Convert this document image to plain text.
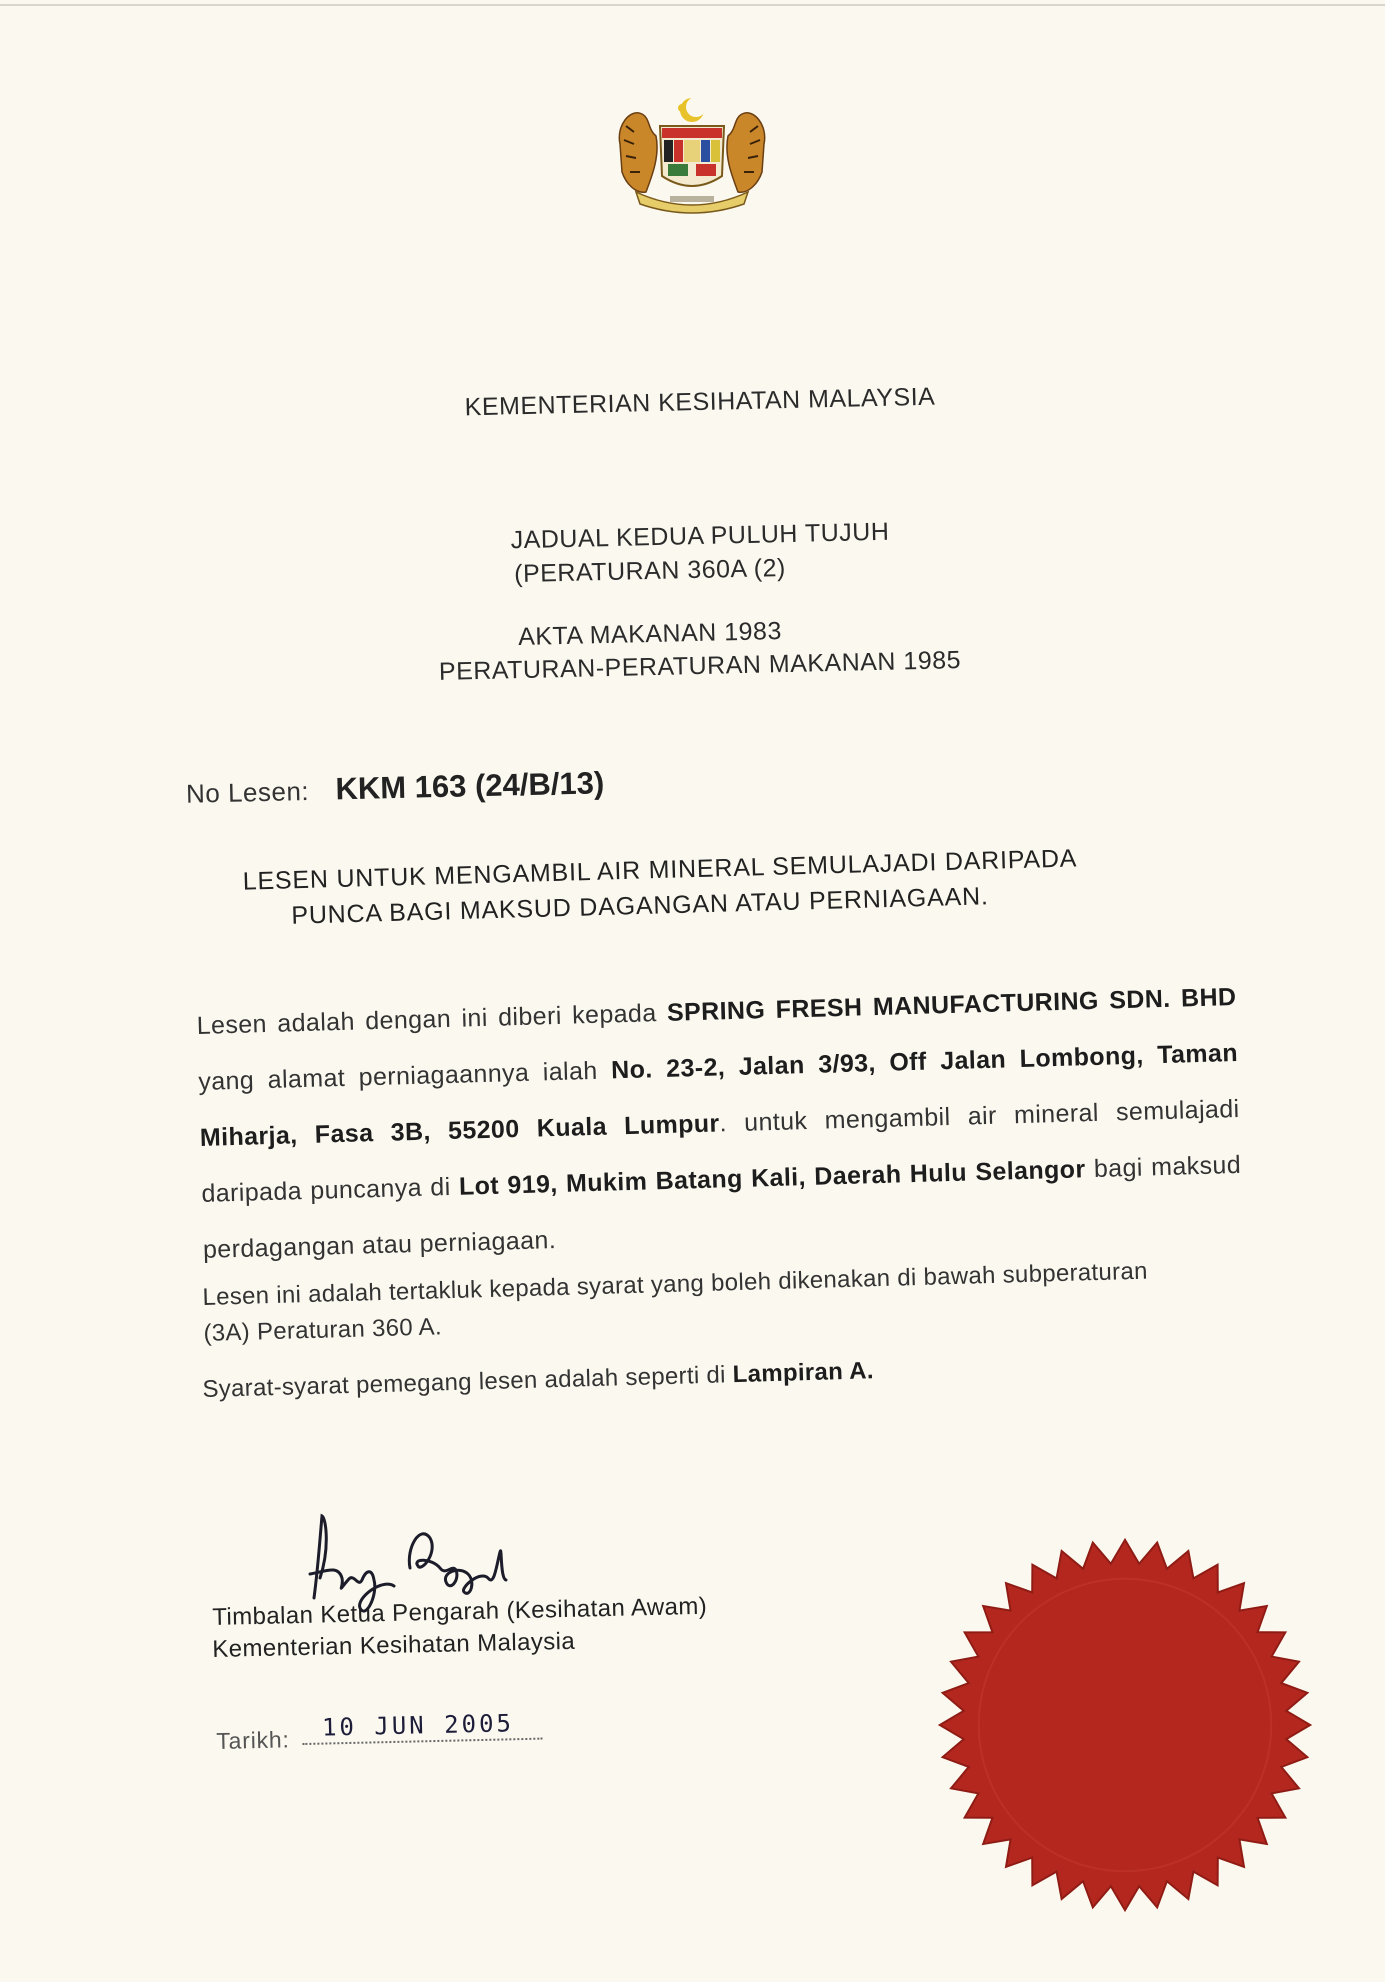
KEMENTERIAN KESIHATAN MALAYSIA
JADUAL KEDUA PULUH TUJUH
(PERATURAN 360A (2)
AKTA MAKANAN 1983
PERATURAN-PERATURAN MAKANAN 1985
No Lesen: KKM 163 (24/B/13)
LESEN UNTUK MENGAMBIL AIR MINERAL SEMULAJADI DARIPADA
PUNCA BAGI MAKSUD DAGANGAN ATAU PERNIAGAAN.
Lesen adalah dengan ini diberi kepada SPRING FRESH MANUFACTURING SDN. BHD yang alamat perniagaannya ialah No. 23-2, Jalan 3/93, Off Jalan Lombong, Taman Miharja, Fasa 3B, 55200 Kuala Lumpur. untuk mengambil air mineral semulajadi daripada puncanya di Lot 919, Mukim Batang Kali, Daerah Hulu Selangor bagi maksud perdagangan atau perniagaan.
Lesen ini adalah tertakluk kepada syarat yang boleh dikenakan di bawah subperaturan (3A) Peraturan 360 A.
Syarat-syarat pemegang lesen adalah seperti di Lampiran A.
Timbalan Ketua Pengarah (Kesihatan Awam)
Kementerian Kesihatan Malaysia
Tarikh: 10 JUN 2005
